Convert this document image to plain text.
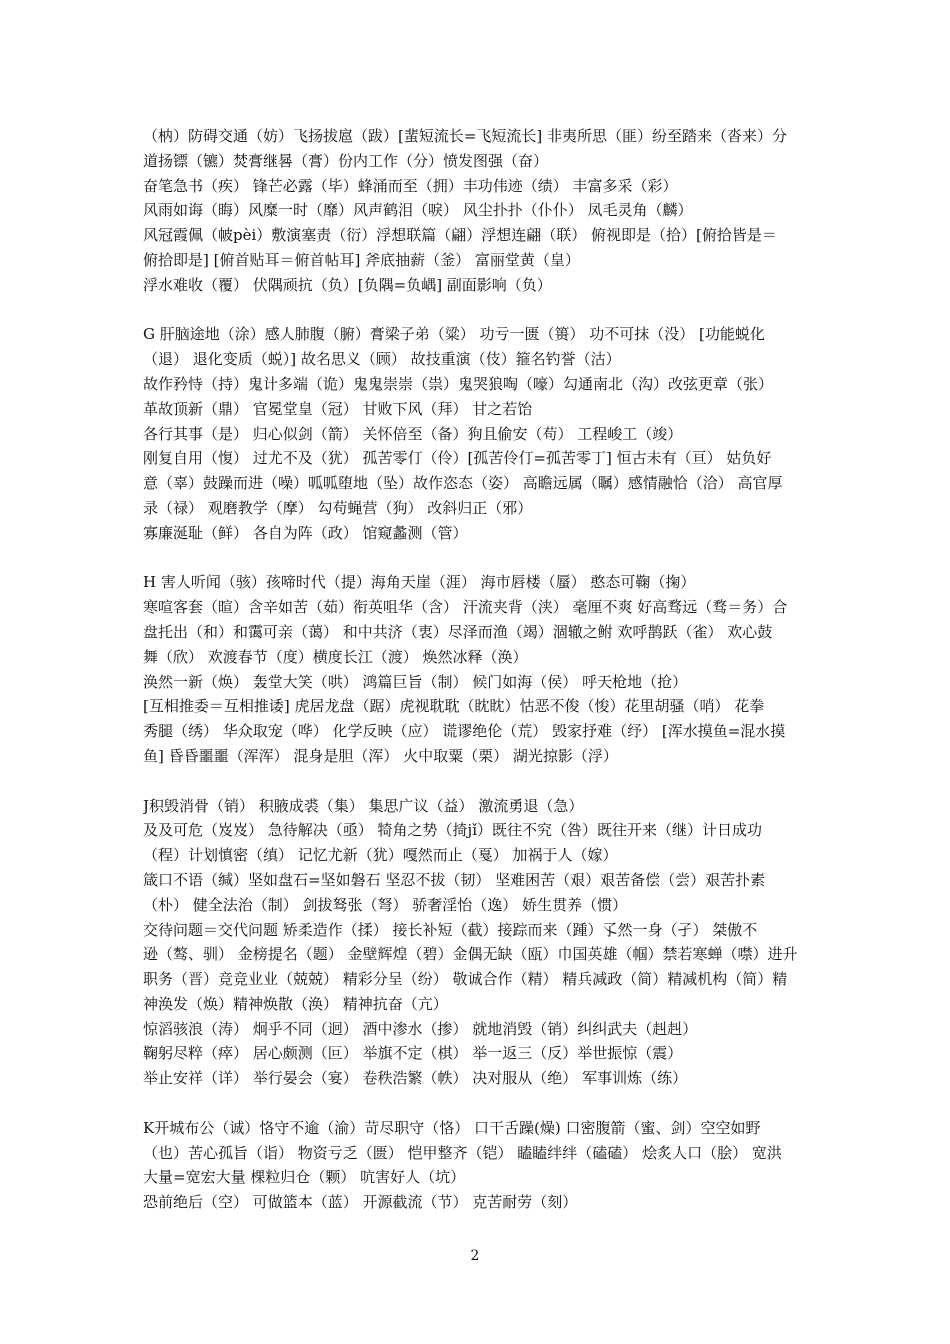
（枘）防碍交通（妨）飞扬拔扈（跋）[蜚短流长=飞短流长] 非夷所思（匪）纷至踏来（沓来）分
道扬镖（镳）焚膏继晷（膏）份内工作（分）愤发图强（奋）
奋笔急书（疾） 锋芒必露（毕）蜂涌而至（拥）丰功伟迹（绩） 丰富多采（彩）
风雨如诲（晦）风糜一时（靡）风声鹤泪（唳） 风尘扑扑（仆仆） 凤毛灵角（麟）
风冠霞佩（帔pèi）敷演塞责（衍）浮想联篇（翩）浮想连翩（联） 俯视即是（拾）[俯拾皆是＝
俯拾即是] [俯首贴耳＝俯首帖耳] 斧底抽薪（釜） 富丽堂黄（皇）
浮水难收（覆） 伏隅顽抗（负）[负隅=负嵎] 副面影响（负）
G 肝脑途地（涂）感人肺腹（腑）膏梁子弟（粱） 功亏一匮（篑） 功不可抹（没） [功能蜕化
（退） 退化变质（蜕）] 故名思义（顾） 故技重演（伎）箍名钓誉（沽）
故作矜恃（持）鬼计多端（诡）鬼鬼崇崇（祟）鬼哭狼啕（嚎）勾通南北（沟）改弦更章（张）
革故顶新（鼎） 官冕堂皇（冠） 甘败下风（拜） 甘之若饴
各行其事（是） 归心似剑（箭） 关怀倍至（备）狗且偷安（苟） 工程峻工（竣）
刚复自用（愎） 过尤不及（犹） 孤苦零仃（伶）[孤苦伶仃=孤苦零丁] 恒古未有（亘） 姑负好
意（辜）鼓躁而进（噪）呱呱堕地（坠）故作恣态（姿） 高瞻远属（瞩）感情融恰（洽） 高官厚
录（禄） 观磨教学（摩） 勾苟蝇营（狗） 改斜归正（邪）
寡廉涎耻（鲜） 各自为阵（政） 馆窥蠡测（管）
H 害人听闻（骇）孩啼时代（提）海角天崖（涯） 海市唇楼（蜃） 憨态可鞠（掬）
寒喧客套（暄）含辛如苦（茹）衔英咀华（含） 汗流夹背（浃） 毫厘不爽 好高骛远（骛＝务）合
盘托出（和）和霭可亲（蔼） 和中共济（衷）尽泽而渔（竭）涸辙之鲋 欢呼鹊跃（雀） 欢心鼓
舞（欣） 欢渡春节（度）横度长江（渡） 焕然冰释（涣）
涣然一新（焕） 轰堂大笑（哄） 鸿篇巨旨（制） 候门如海（侯） 呼天枪地（抢）
[互相推委＝互相推诿] 虎居龙盘（踞）虎视耽耽（眈眈）怙恶不俊（悛）花里胡骚（哨） 花拳
秀腿（绣） 华众取宠（哗） 化学反映（应） 谎谬绝伦（荒） 毁家抒难（纾） [浑水摸鱼=混水摸
鱼] 昏昏噩噩（浑浑） 混身是胆（浑） 火中取粟（栗） 湖光掠影（浮）
J积毁消骨（销） 积腋成裘（集） 集思广议（益） 激流勇退（急）
及及可危（岌岌） 急待解决（亟） 犄角之势（掎jǐ）既往不究（咎）既往开来（继）计日成功
（程）计划慎密（缜） 记忆尤新（犹）嘎然而止（戛） 加祸于人（嫁）
箴口不语（缄）坚如盘石=坚如磐石 坚忍不拔（韧） 坚难困苦（艰）艰苦备偿（尝）艰苦扑素
（朴） 健全法治（制） 剑拔驽张（弩） 骄奢淫怡（逸） 娇生贯养（惯）
交待问题＝交代问题 矫柔造作（揉） 接长补短（截）接踪而来（踵）孓然一身（孑） 桀傲不
逊（骜、驯） 金榜提名（题） 金壁辉煌（碧）金偶无缺（瓯）巾国英雄（帼）禁若寒蝉（噤）进升
职务（晋）竞竞业业（兢兢） 精彩分呈（纷） 敬诚合作（精） 精兵减政（简）精减机构（简）精
神涣发（焕）精神焕散（涣） 精神抗奋（亢）
惊滔骇浪（涛） 炯乎不同（迥） 酒中渗水（掺） 就地消毁（销）纠纠武夫（赳赳）
鞠躬尽粹（瘁） 居心颇测（叵） 举旗不定（棋） 举一返三（反）举世振惊（震）
举止安祥（详） 举行晏会（宴） 卷秩浩繁（帙） 决对服从（绝） 军事训炼（练）
K开城布公（诚）恪守不逾（渝）苛尽职守（恪） 口干舌躁(燥) 口密腹箭（蜜、剑）空空如野
（也）苦心孤旨（诣） 物资亏乏（匮） 恺甲整齐（铠） 瞌瞌绊绊（磕磕） 烩炙人口（脍） 宽洪
大量=宽宏大量 棵粒归仓（颗） 吭害好人（坑）
恐前绝后（空） 可做篮本（蓝） 开源截流（节） 克苦耐劳（刻）
2
